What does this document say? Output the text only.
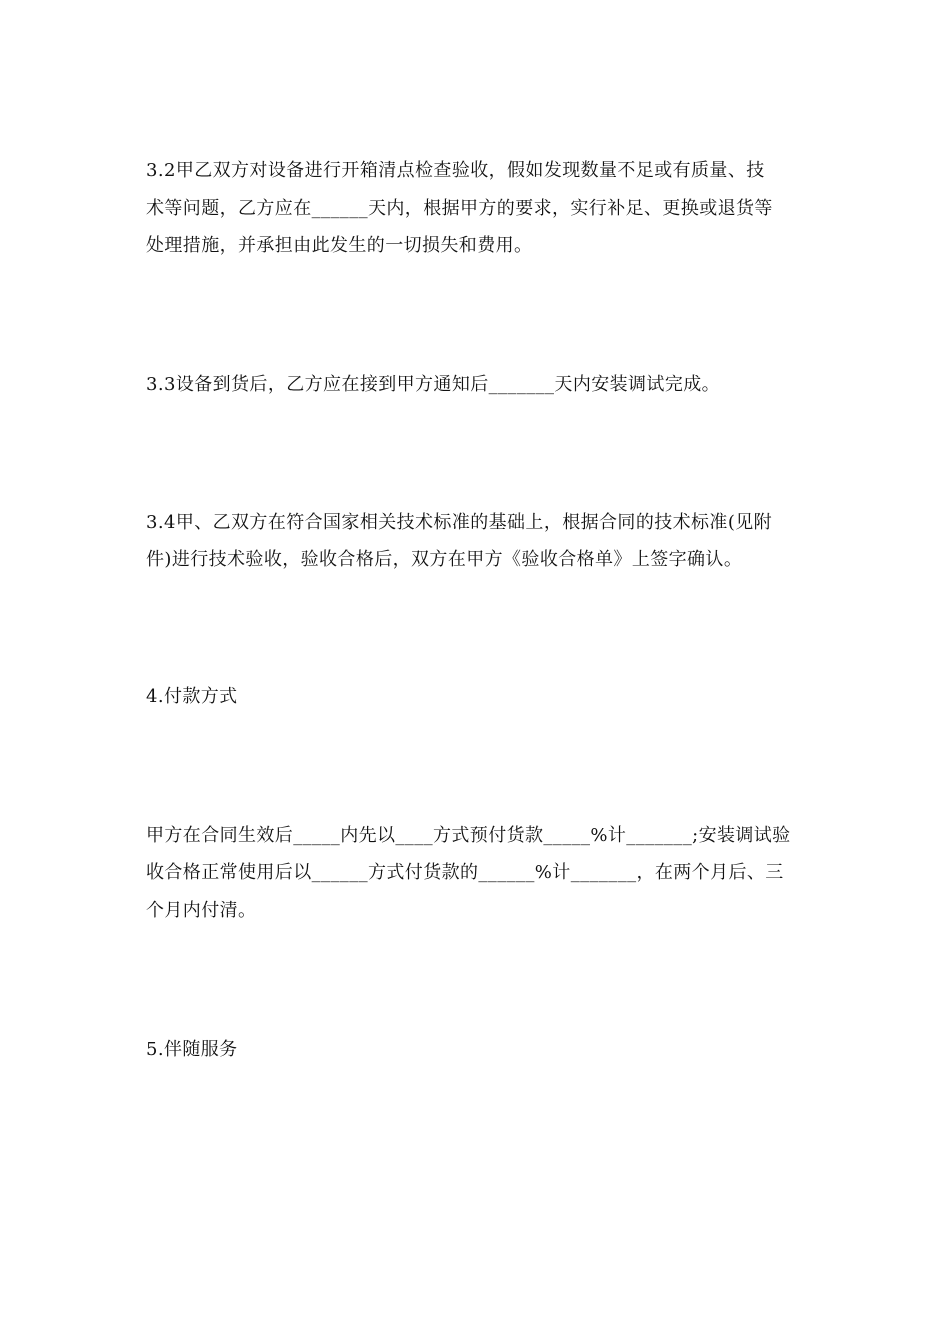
3.2甲乙双方对设备进行开箱清点检查验收，假如发现数量不足或有质量、技
术等问题，乙方应在______天内，根据甲方的要求，实行补足、更换或退货等
处理措施，并承担由此发生的一切损失和费用。
3.3设备到货后，乙方应在接到甲方通知后_______天内安装调试完成。
3.4甲、乙双方在符合国家相关技术标准的基础上，根据合同的技术标准(见附
件)进行技术验收，验收合格后，双方在甲方《验收合格单》上签字确认。
4.付款方式
甲方在合同生效后_____内先以____方式预付货款_____%计_______;安装调试验
收合格正常使用后以______方式付货款的______%计_______，在两个月后、三
个月内付清。
5.伴随服务
